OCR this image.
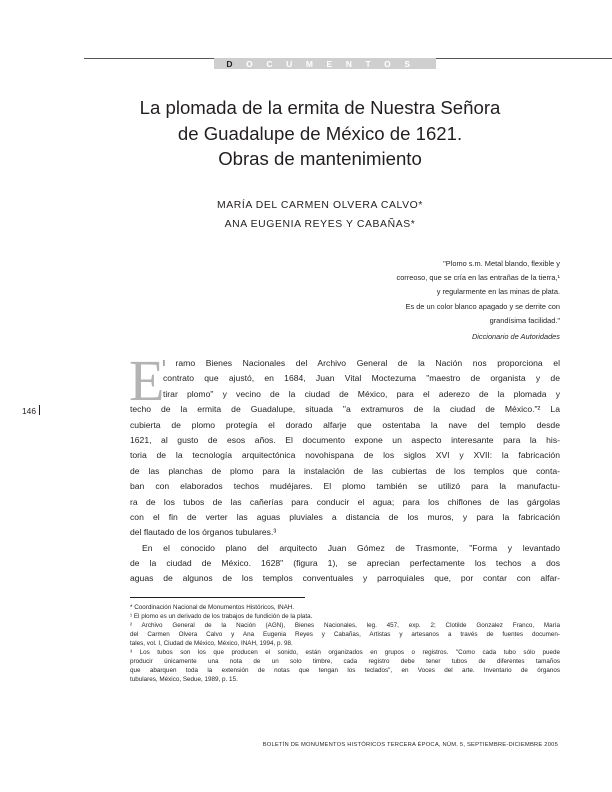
DOCUMENTOS
La plomada de la ermita de Nuestra Señora
de Guadalupe de México de 1621.
Obras de mantenimiento
MARÍA DEL CARMEN OLVERA CALVO*
ANA EUGENIA REYES Y CABAÑAS*
"Plomo s.m. Metal blando, flexible y
correoso, que se cría en las entrañas de la tierra,¹
y regularmente en las minas de plata.
Es de un color blanco apagado y se derrite con
grandísima facilidad."
Diccionario de Autoridades
146 E
l ramo Bienes Nacionales del Archivo General de la Nación nos proporciona el
contrato que ajustó, en 1684, Juan Vital Moctezuma "maestro de organista y de
tirar plomo" y vecino de la ciudad de México, para el aderezo de la plomada y
techo de la ermita de Guadalupe, situada "a extramuros de la ciudad de México."² La
cubierta de plomo protegía el dorado alfarje que ostentaba la nave del templo desde
1621, al gusto de esos años. El documento expone un aspecto interesante para la his-
toria de la tecnología arquitectónica novohispana de los siglos XVI y XVII: la fabricación
de las planchas de plomo para la instalación de las cubiertas de los templos que conta-
ban con elaborados techos mudéjares. El plomo también se utilizó para la manufactu-
ra de los tubos de las cañerías para conducir el agua; para los chiflones de las gárgolas
con el fin de verter las aguas pluviales a distancia de los muros, y para la fabricación
del flautado de los órganos tubulares.³
En el conocido plano del arquitecto Juan Gómez de Trasmonte, "Forma y levantado
de la ciudad de México. 1628" (figura 1), se aprecian perfectamente los techos a dos
aguas de algunos de los templos conventuales y parroquiales que, por contar con alfar-
* Coordinación Nacional de Monumentos Históricos, INAH.
¹ El plomo es un derivado de los trabajos de fundición de la plata.
² Archivo General de la Nación (AGN), Bienes Nacionales, leg. 457, exp. 2; Clotilde Gonzalez Franco, María
del Carmen Olvera Calvo y Ana Eugenia Reyes y Cabañas, Artistas y artesanos a través de fuentes documen-
tales, vol. I, Ciudad de México, México, INAH, 1994, p. 98.
³ Los tubos son los que producen el sonido, están organizados en grupos o registros. "Como cada tubo sólo puede
producir únicamente una nota de un solo timbre, cada registro debe tener tubos de diferentes tamaños
que abarquen toda la extensión de notas que tengan los teclados", en Voces del arte. Inventario de órganos
tubulares, México, Sedue, 1989, p. 15.
BOLETÍN DE MONUMENTOS HISTÓRICOS TERCERA ÉPOCA, NÚM. 5, SEPTIEMBRE-DICIEMBRE 2005
